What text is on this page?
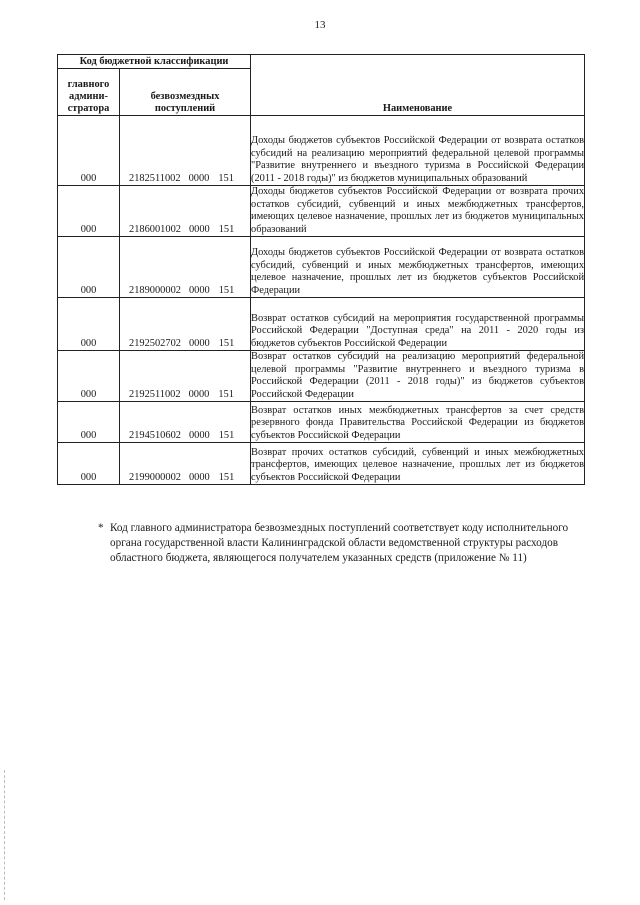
13
Код бюджетной классификации		Наименование
главного админи-стратора	безвозмездных поступлений	
000	2182511002 0000 151	Доходы бюджетов субъектов Российской Федерации от возврата остатков субсидий на реализацию мероприятий федеральной целевой программы "Развитие внутреннего и въездного туризма в Российской Федерации (2011 - 2018 годы)" из бюджетов муниципальных образований
000	2186001002 0000 151	Доходы бюджетов субъектов Российской Федерации от возврата прочих остатков субсидий, субвенций и иных межбюджетных трансфертов, имеющих целевое назначение, прошлых лет из бюджетов муниципальных образований
000	2189000002 0000 151	Доходы бюджетов субъектов Российской Федерации от возврата остатков субсидий, субвенций и иных межбюджетных трансфертов, имеющих целевое назначение, прошлых лет из бюджетов субъектов Российской Федерации
000	2192502702 0000 151	Возврат остатков субсидий на мероприятия государственной программы Российской Федерации "Доступная среда" на 2011 - 2020 годы из бюджетов субъектов Российской Федерации
000	2192511002 0000 151	Возврат остатков субсидий на реализацию мероприятий федеральной целевой программы "Развитие внутреннего и въездного туризма в Российской Федерации (2011 - 2018 годы)" из бюджетов субъектов Российской Федерации
000	2194510602 0000 151	Возврат остатков иных межбюджетных трансфертов за счет средств резервного фонда Правительства Российской Федерации из бюджетов субъектов Российской Федерации
000	2199000002 0000 151	Возврат прочих остатков субсидий, субвенций и иных межбюджетных трансфертов, имеющих целевое назначение, прошлых лет из бюджетов субъектов Российской Федерации
* Код главного администратора безвозмездных поступлений соответствует коду исполнительного органа государственной власти Калининградской области ведомственной структуры расходов областного бюджета, являющегося получателем указанных средств (приложение № 11)
